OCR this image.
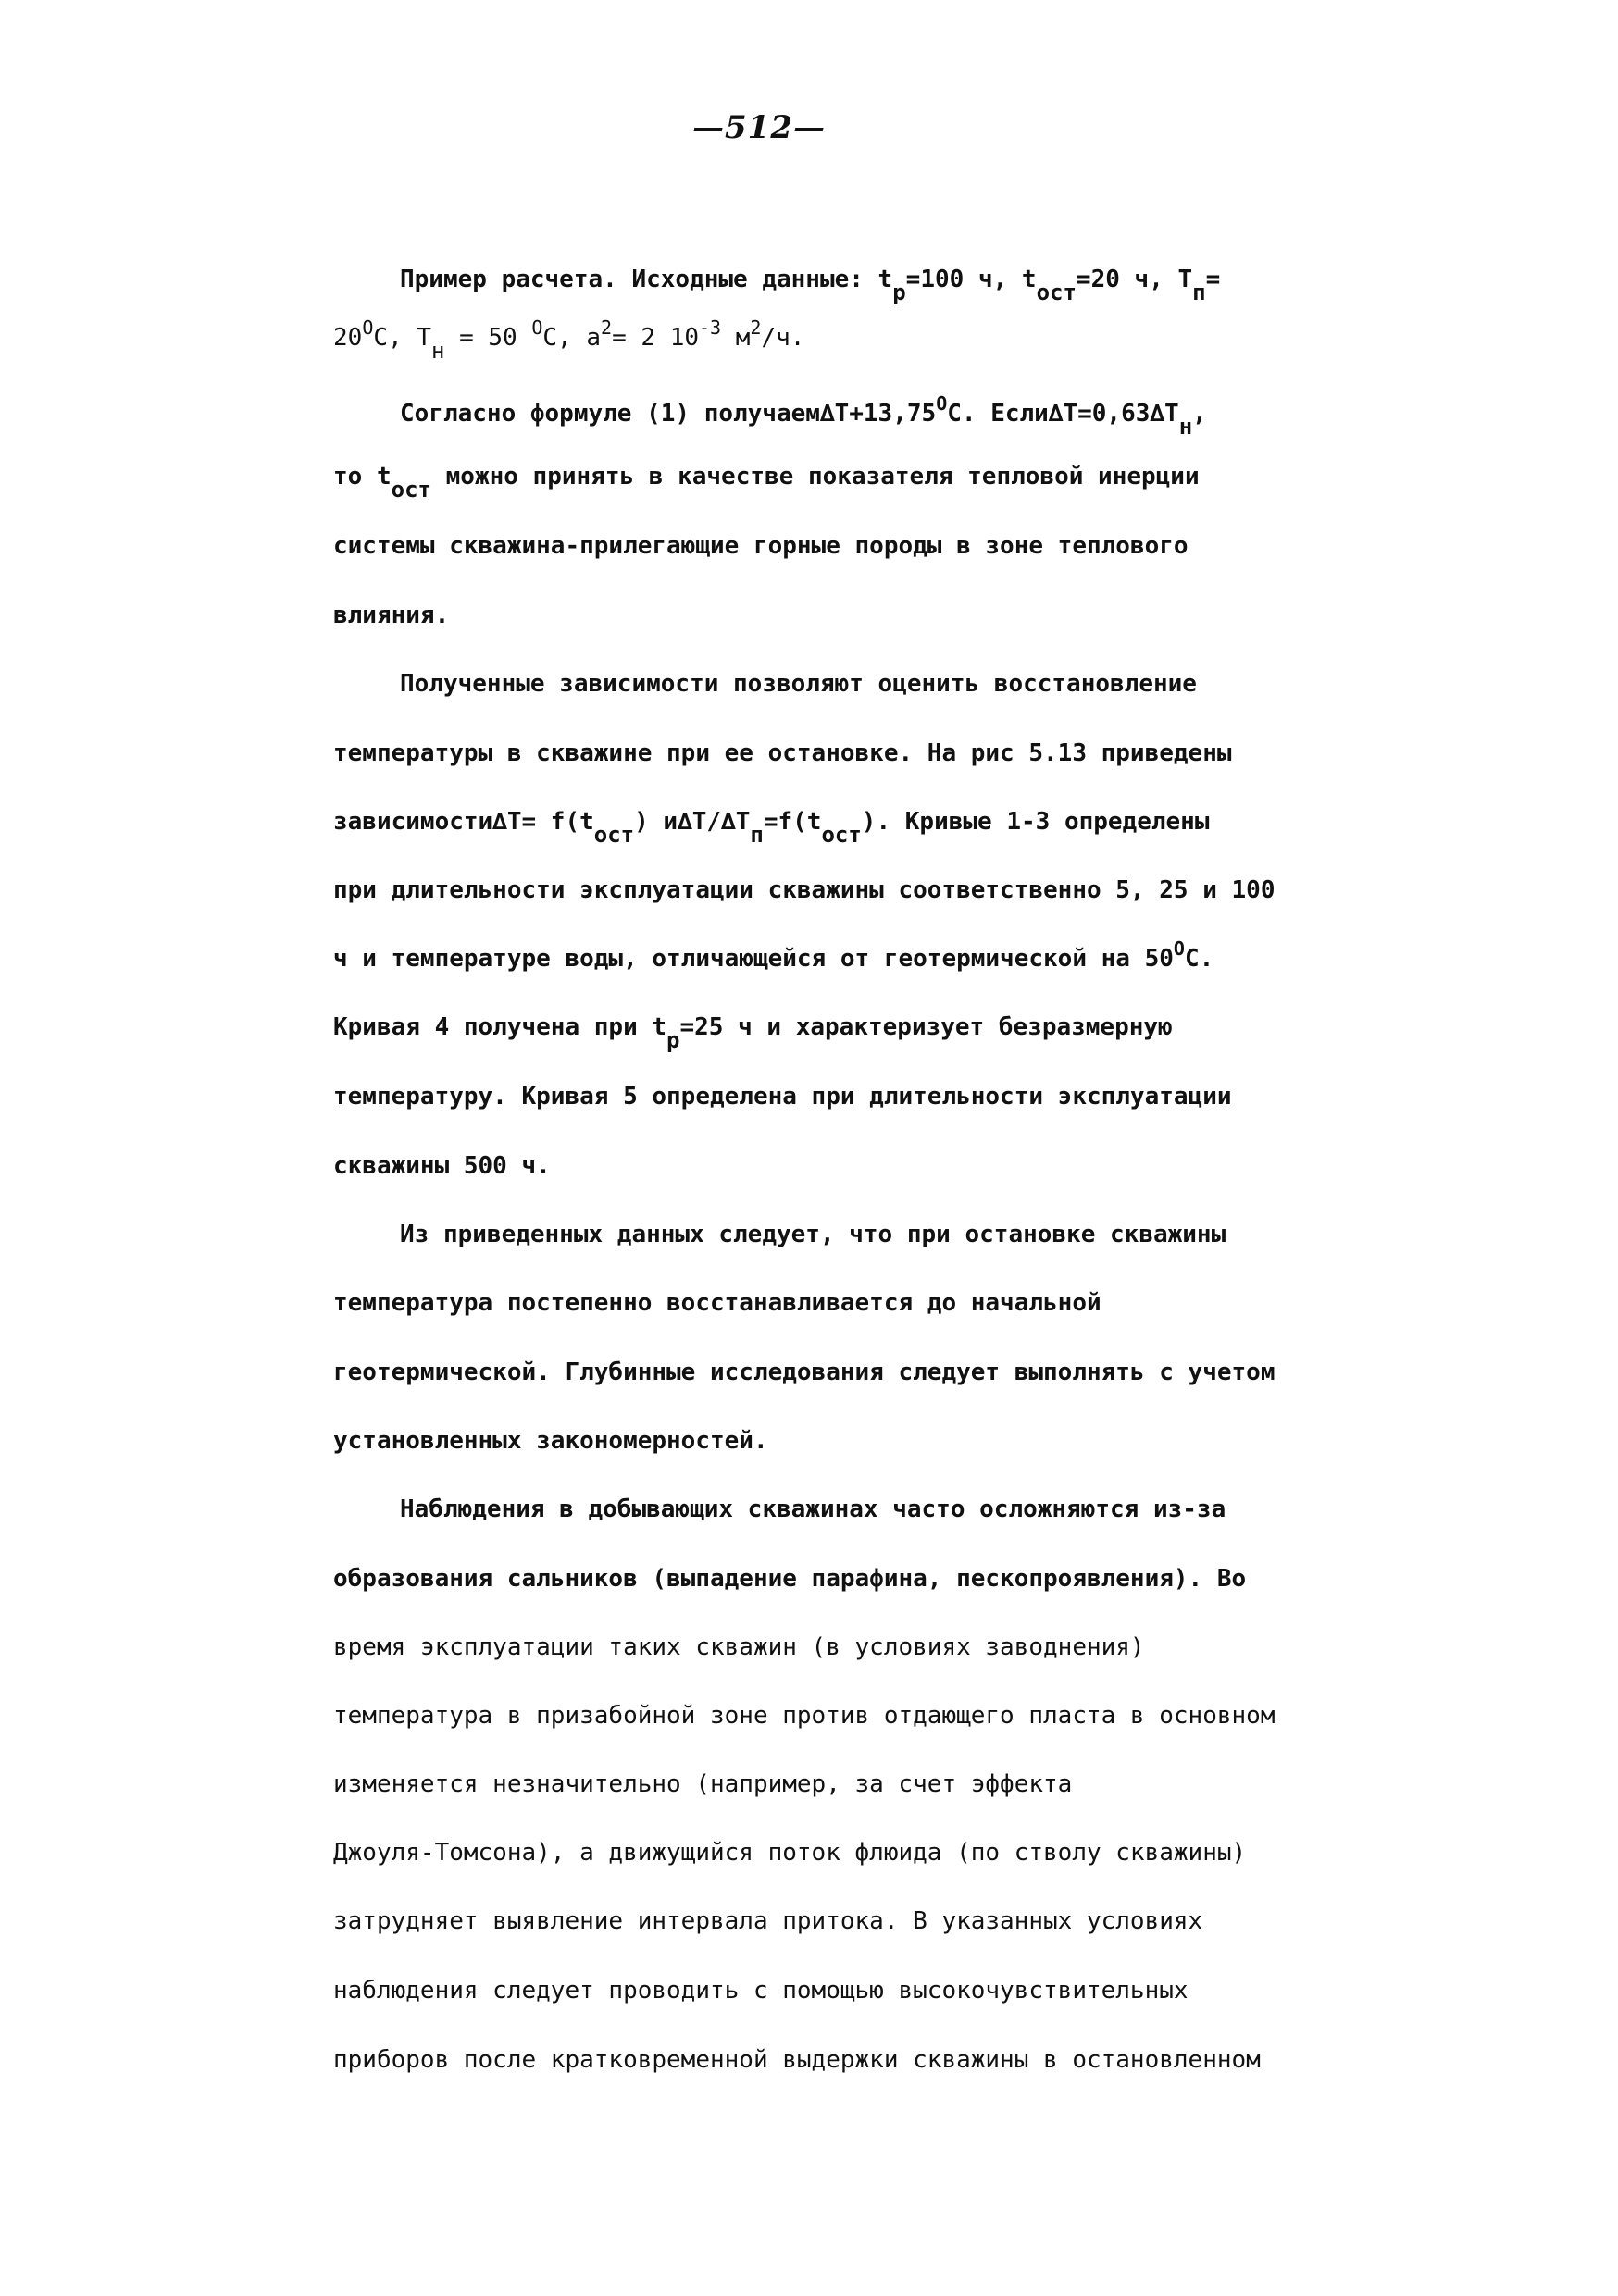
—512—
Пример расчета. Исходные данные: $t_р=100$ ч, $t_{ост}=20$ ч, $T_п=$
$20^OC$, $T_н = 50$ $^O$C, $a^2= 2$ $10^{-3}$ $м^2/ч$.
Согласно формуле (1) $получаем\Delta T+13,75^OC$. $Если\Delta T=0,63\Delta T_н$,
то $t_{ост}$ можно принять в качестве показателя тепловой инерции
системы скважина-прилегающие горные породы в зоне теплового
влияния.
Полученные зависимости позволяют оценить восстановление
температуры в скважине при ее остановке. На рис 5.13 приведены
зависимости∆T= $f(t_{ост})$ $и\Delta T/\Delta T_п=f(t_{ост})$. Кривые 1-3 определены
при длительности эксплуатации скважины соответственно 5, 25 и 100
ч и температуре воды, отличающейся от геотермической на $50^OC$.
Кривая 4 получена при $t_р=25$ ч и характеризует безразмерную
температуру. Кривая 5 определена при длительности эксплуатации
скважины 500 ч.
Из приведенных данных следует, что при остановке скважины
температура постепенно восстанавливается до начальной
геотермической. Глубинные исследования следует выполнять с учетом
установленных закономерностей.
Наблюдения в добывающих скважинах часто осложняются из-за
образования сальников (выпадение парафина, пескопроявления). Во
время эксплуатации таких скважин (в условиях заводнения)
температура в призабойной зоне против отдающего пласта в основном
изменяется незначительно (например, за счет эффекта
Джоуля-Томсона), а движущийся поток флюида (по стволу скважины)
затрудняет выявление интервала притока. В указанных условиях
наблюдения следует проводить с помощью высокочувствительных
приборов после кратковременной выдержки скважины в остановленном
